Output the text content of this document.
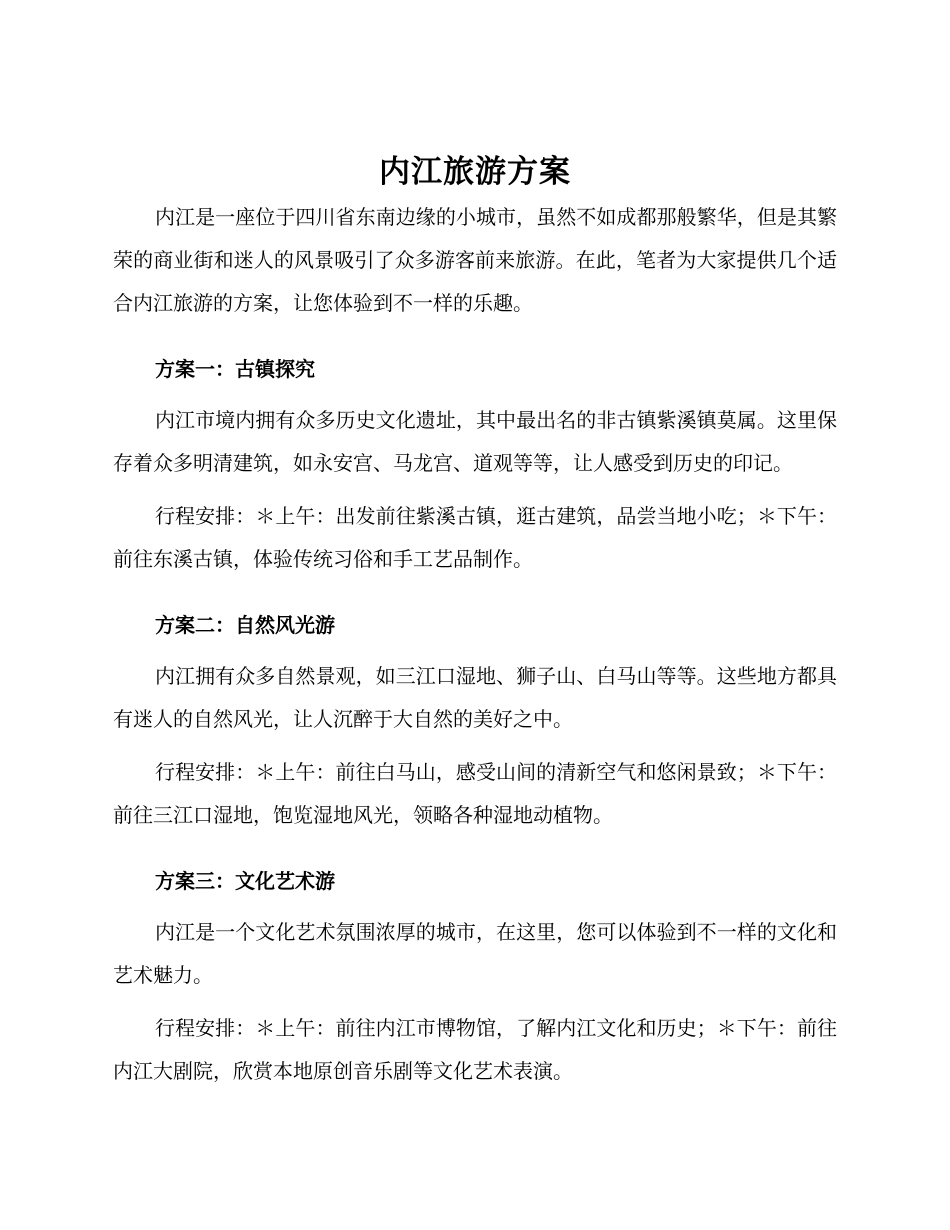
内江旅游方案

内江是一座位于四川省东南边缘的小城市，虽然不如成都那般繁华，但是其繁荣的商业街和迷人的风景吸引了众多游客前来旅游。在此，笔者为大家提供几个适合内江旅游的方案，让您体验到不一样的乐趣。

方案一：古镇探究

内江市境内拥有众多历史文化遗址，其中最出名的非古镇紫溪镇莫属。这里保存着众多明清建筑，如永安宫、马龙宫、道观等等，让人感受到历史的印记。

行程安排：＊上午：出发前往紫溪古镇，逛古建筑，品尝当地小吃；＊下午：前往东溪古镇，体验传统习俗和手工艺品制作。

方案二：自然风光游

内江拥有众多自然景观，如三江口湿地、狮子山、白马山等等。这些地方都具有迷人的自然风光，让人沉醉于大自然的美好之中。

行程安排：＊上午：前往白马山，感受山间的清新空气和悠闲景致；＊下午：前往三江口湿地，饱览湿地风光，领略各种湿地动植物。

方案三：文化艺术游

内江是一个文化艺术氛围浓厚的城市，在这里，您可以体验到不一样的文化和艺术魅力。

行程安排：＊上午：前往内江市博物馆，了解内江文化和历史；＊下午：前往内江大剧院，欣赏本地原创音乐剧等文化艺术表演。
